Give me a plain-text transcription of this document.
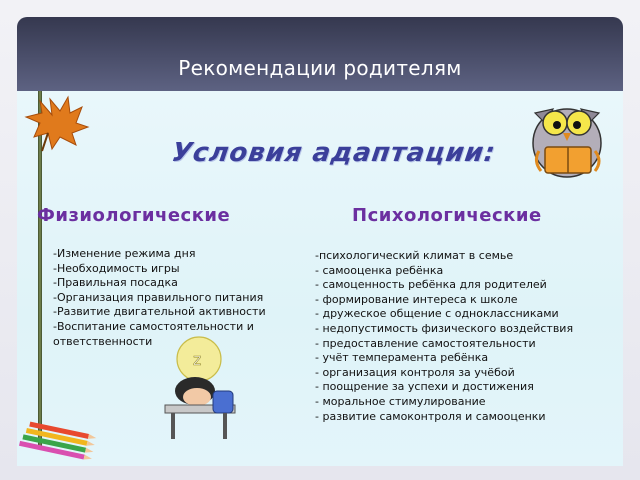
Рекомендации родителям
Условия адаптации:
Физиологические	Психологические
-Изменение режима дня
-Необходимость игры
-Правильная посадка
-Организация правильного питания
-Развитие двигательной активности
-Воспитание самостоятельности и
ответственности
-психологический климат в семье
- самооценка ребёнка
- самоценность ребёнка для родителей
- формирование интереса к школе
- дружеское общение с одноклассниками
- недопустимость физического воздействия
- предоставление самостоятельности
- учёт темперамента ребёнка
- организация контроля за учёбой
- поощрение за успехи и достижения
- моральное стимулирование
- развитие самоконтроля и самооценки
z
